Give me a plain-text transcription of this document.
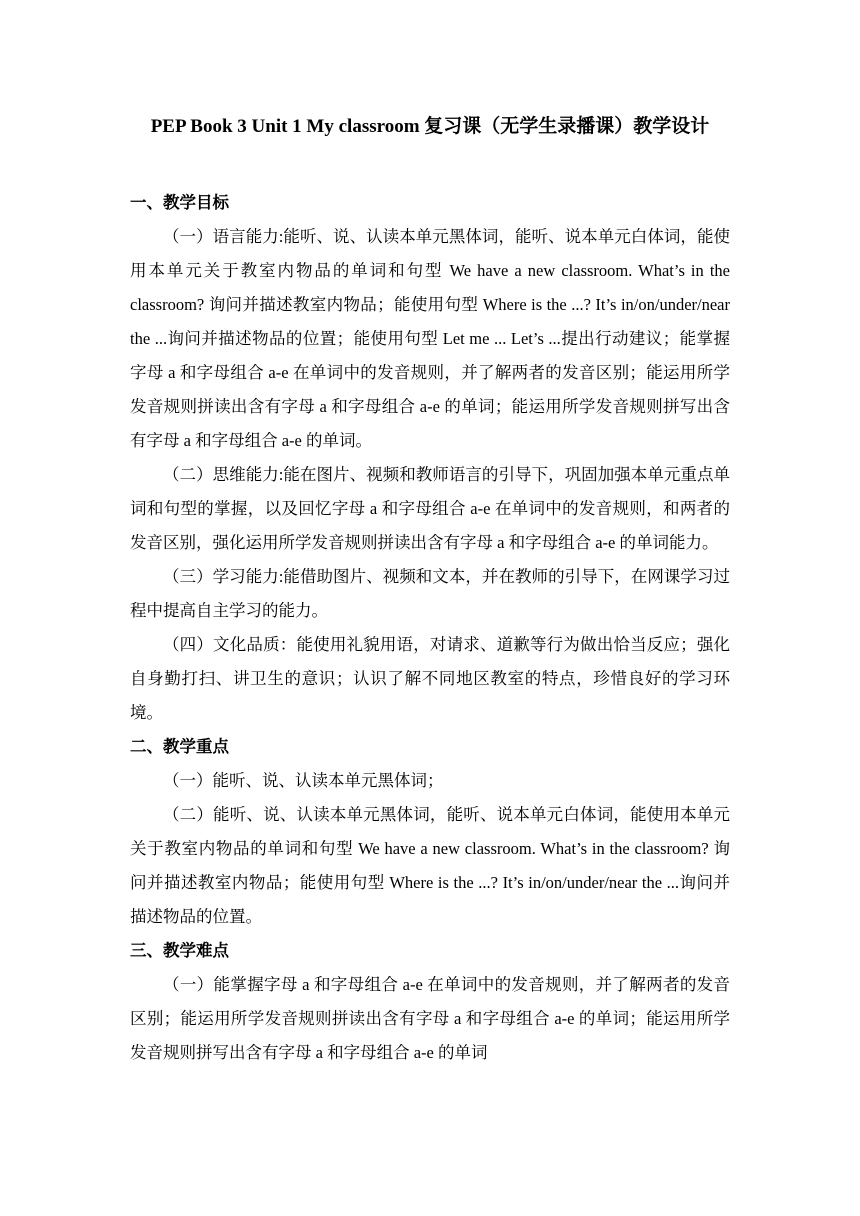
PEP Book 3 Unit 1 My classroom 复习课（无学生录播课）教学设计

一、教学目标

（一）语言能力:能听、说、认读本单元黑体词，能听、说本单元白体词，能使用本单元关于教室内物品的单词和句型 We have a new classroom. What’s in the classroom? 询问并描述教室内物品；能使用句型 Where is the ...? It’s in/on/under/near the ...询问并描述物品的位置；能使用句型 Let me ... Let’s ...提出行动建议；能掌握字母 a 和字母组合 a-e 在单词中的发音规则，并了解两者的发音区别；能运用所学发音规则拼读出含有字母 a 和字母组合 a-e 的单词；能运用所学发音规则拼写出含有字母 a 和字母组合 a-e 的单词。

（二）思维能力:能在图片、视频和教师语言的引导下，巩固加强本单元重点单词和句型的掌握，以及回忆字母 a 和字母组合 a-e 在单词中的发音规则，和两者的发音区别，强化运用所学发音规则拼读出含有字母 a 和字母组合 a-e 的单词能力。

（三）学习能力:能借助图片、视频和文本，并在教师的引导下，在网课学习过程中提高自主学习的能力。

（四）文化品质：能使用礼貌用语，对请求、道歉等行为做出恰当反应；强化自身勤打扫、讲卫生的意识；认识了解不同地区教室的特点，珍惜良好的学习环境。

二、教学重点

（一）能听、说、认读本单元黑体词；

（二）能听、说、认读本单元黑体词，能听、说本单元白体词，能使用本单元关于教室内物品的单词和句型 We have a new classroom. What’s in the classroom? 询问并描述教室内物品；能使用句型 Where is the ...? It’s in/on/under/near the ...询问并描述物品的位置。

三、教学难点

（一）能掌握字母 a 和字母组合 a-e 在单词中的发音规则，并了解两者的发音区别；能运用所学发音规则拼读出含有字母 a 和字母组合 a-e 的单词；能运用所学发音规则拼写出含有字母 a 和字母组合 a-e 的单词
